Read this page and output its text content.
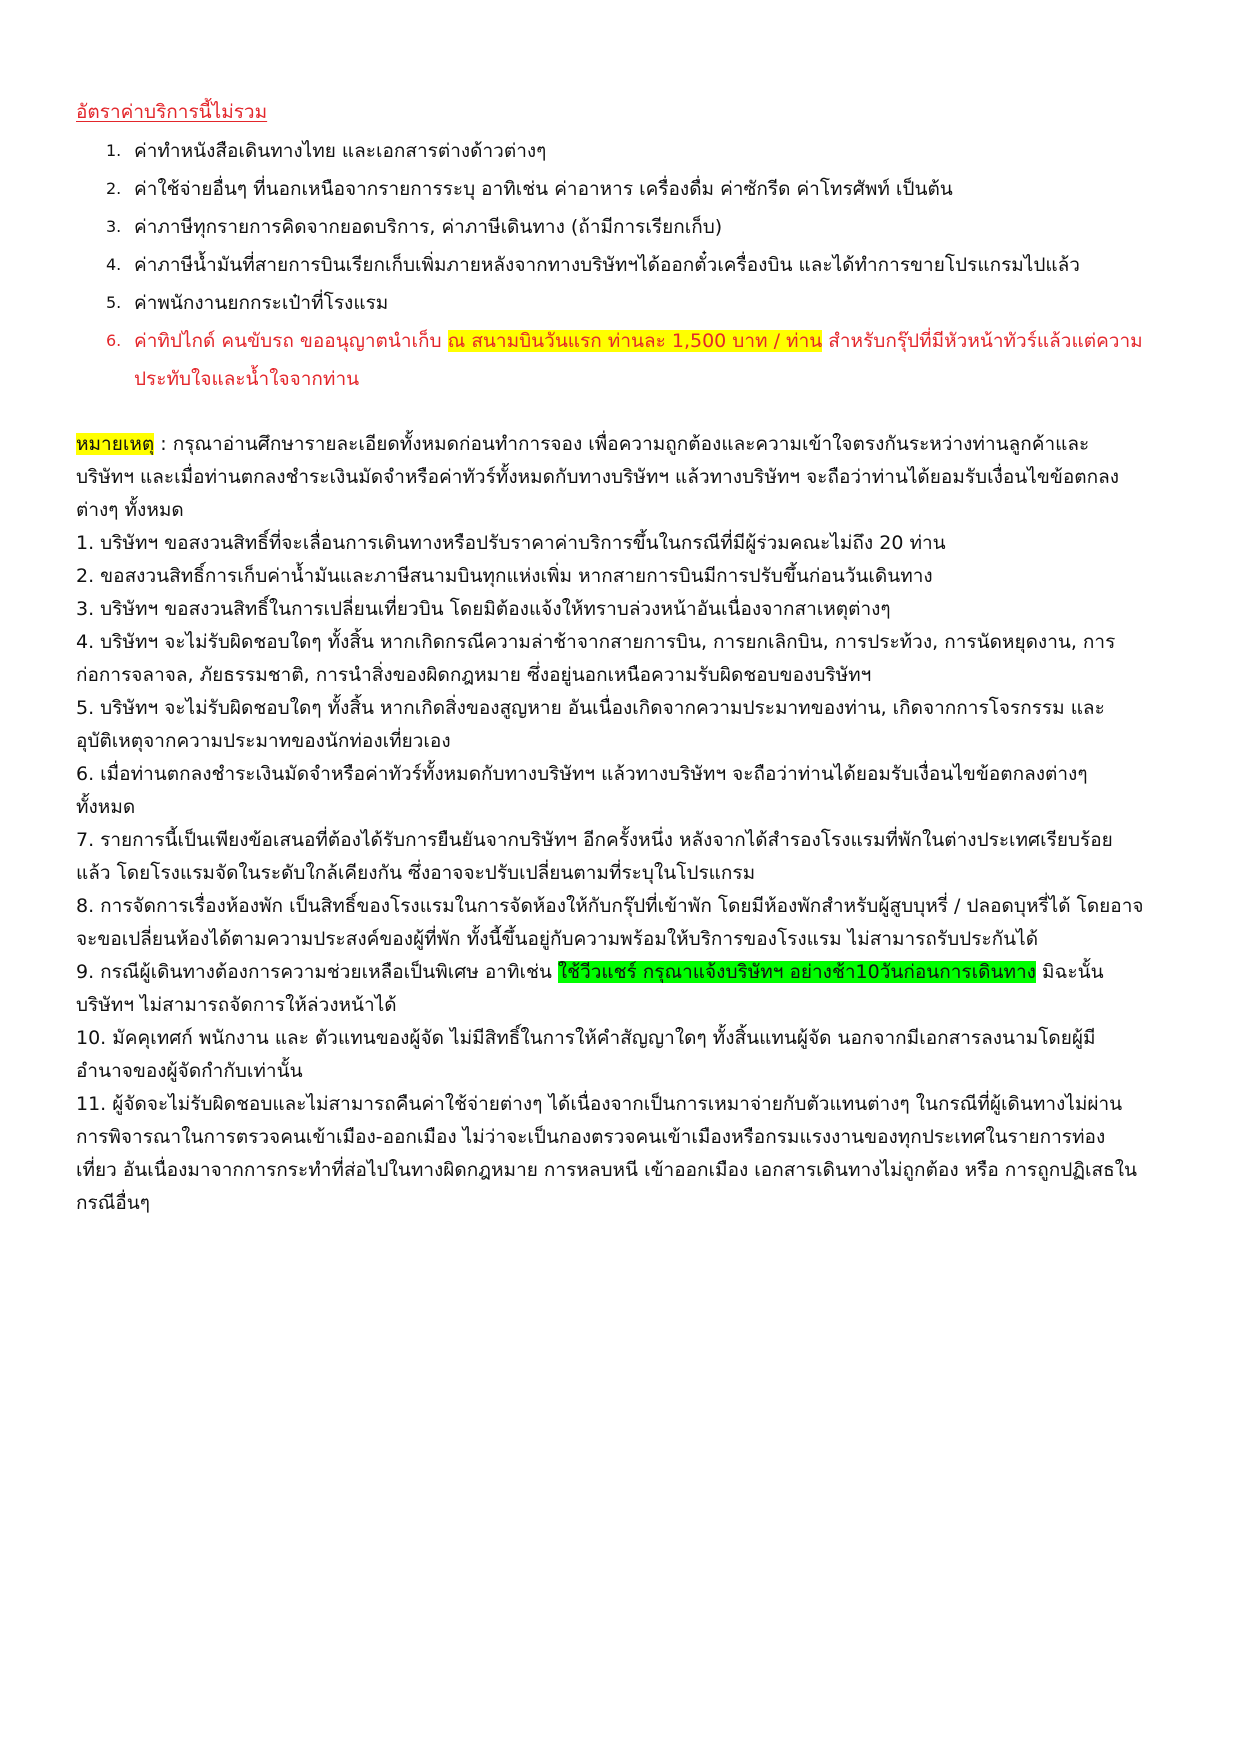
อัตราค่าบริการนี้ไม่รวม
1. ค่าทำหนังสือเดินทางไทย และเอกสารต่างด้าวต่างๆ
2. ค่าใช้จ่ายอื่นๆ ที่นอกเหนือจากรายการระบุ อาทิเช่น ค่าอาหาร เครื่องดื่ม ค่าซักรีด ค่าโทรศัพท์ เป็นต้น
3. ค่าภาษีทุกรายการคิดจากยอดบริการ, ค่าภาษีเดินทาง (ถ้ามีการเรียกเก็บ)
4. ค่าภาษีน้ำมันที่สายการบินเรียกเก็บเพิ่มภายหลังจากทางบริษัทฯได้ออกตั๋วเครื่องบิน และได้ทำการขายโปรแกรมไปแล้ว
5. ค่าพนักงานยกกระเป๋าที่โรงแรม
6. ค่าทิปไกด์ คนขับรถ ขออนุญาตนำเก็บ ณ สนามบินวันแรก ท่านละ 1,500 บาท / ท่าน สำหรับกรุ๊ปที่มีหัวหน้าทัวร์แล้วแต่ความประทับใจและน้ำใจจากท่าน

หมายเหตุ : กรุณาอ่านศึกษารายละเอียดทั้งหมดก่อนทำการจอง เพื่อความถูกต้องและความเข้าใจตรงกันระหว่างท่านลูกค้าและบริษัทฯ และเมื่อท่านตกลงชำระเงินมัดจำหรือค่าทัวร์ทั้งหมดกับทางบริษัทฯ แล้วทางบริษัทฯ จะถือว่าท่านได้ยอมรับเงื่อนไขข้อตกลงต่างๆ ทั้งหมด

1. บริษัทฯ ขอสงวนสิทธิ์ที่จะเลื่อนการเดินทางหรือปรับราคาค่าบริการขึ้นในกรณีที่มีผู้ร่วมคณะไม่ถึง 20 ท่าน

2. ขอสงวนสิทธิ์การเก็บค่าน้ำมันและภาษีสนามบินทุกแห่งเพิ่ม หากสายการบินมีการปรับขึ้นก่อนวันเดินทาง

3. บริษัทฯ ขอสงวนสิทธิ์ในการเปลี่ยนเที่ยวบิน โดยมิต้องแจ้งให้ทราบล่วงหน้าอันเนื่องจากสาเหตุต่างๆ

4. บริษัทฯ จะไม่รับผิดชอบใดๆ ทั้งสิ้น หากเกิดกรณีความล่าช้าจากสายการบิน, การยกเลิกบิน, การประท้วง, การนัดหยุดงาน, การก่อการจลาจล, ภัยธรรมชาติ, การนำสิ่งของผิดกฎหมาย ซึ่งอยู่นอกเหนือความรับผิดชอบของบริษัทฯ

5. บริษัทฯ จะไม่รับผิดชอบใดๆ ทั้งสิ้น หากเกิดสิ่งของสูญหาย อันเนื่องเกิดจากความประมาทของท่าน, เกิดจากการโจรกรรม และ อุบัติเหตุจากความประมาทของนักท่องเที่ยวเอง

6. เมื่อท่านตกลงชำระเงินมัดจำหรือค่าทัวร์ทั้งหมดกับทางบริษัทฯ แล้วทางบริษัทฯ จะถือว่าท่านได้ยอมรับเงื่อนไขข้อตกลงต่างๆ ทั้งหมด

7. รายการนี้เป็นเพียงข้อเสนอที่ต้องได้รับการยืนยันจากบริษัทฯ อีกครั้งหนึ่ง หลังจากได้สำรองโรงแรมที่พักในต่างประเทศเรียบร้อยแล้ว โดยโรงแรมจัดในระดับใกล้เคียงกัน ซึ่งอาจจะปรับเปลี่ยนตามที่ระบุในโปรแกรม

8. การจัดการเรื่องห้องพัก เป็นสิทธิ์ของโรงแรมในการจัดห้องให้กับกรุ๊ปที่เข้าพัก โดยมีห้องพักสำหรับผู้สูบบุหรี่ / ปลอดบุหรี่ได้ โดยอาจจะขอเปลี่ยนห้องได้ตามความประสงค์ของผู้ที่พัก ทั้งนี้ขึ้นอยู่กับความพร้อมให้บริการของโรงแรม ไม่สามารถรับประกันได้

9. กรณีผู้เดินทางต้องการความช่วยเหลือเป็นพิเศษ อาทิเช่น ใช้วีวแชร์ กรุณาแจ้งบริษัทฯ อย่างช้า10วันก่อนการเดินทาง มิฉะนั้น บริษัทฯ ไม่สามารถจัดการให้ล่วงหน้าได้

10. มัคคุเทศก์ พนักงาน และ ตัวแทนของผู้จัด ไม่มีสิทธิ์ในการให้คำสัญญาใดๆ ทั้งสิ้นแทนผู้จัด นอกจากมีเอกสารลงนามโดยผู้มีอำนาจของผู้จัดกำกับเท่านั้น

11. ผู้จัดจะไม่รับผิดชอบและไม่สามารถคืนค่าใช้จ่ายต่างๆ ได้เนื่องจากเป็นการเหมาจ่ายกับตัวแทนต่างๆ ในกรณีที่ผู้เดินทางไม่ผ่านการพิจารณาในการตรวจคนเข้าเมือง-ออกเมือง ไม่ว่าจะเป็นกองตรวจคนเข้าเมืองหรือกรมแรงงานของทุกประเทศในรายการท่องเที่ยว อันเนื่องมาจากการกระทำที่ส่อไปในทางผิดกฎหมาย การหลบหนี เข้าออกเมือง เอกสารเดินทางไม่ถูกต้อง หรือ การถูกปฏิเสธในกรณีอื่นๆ
